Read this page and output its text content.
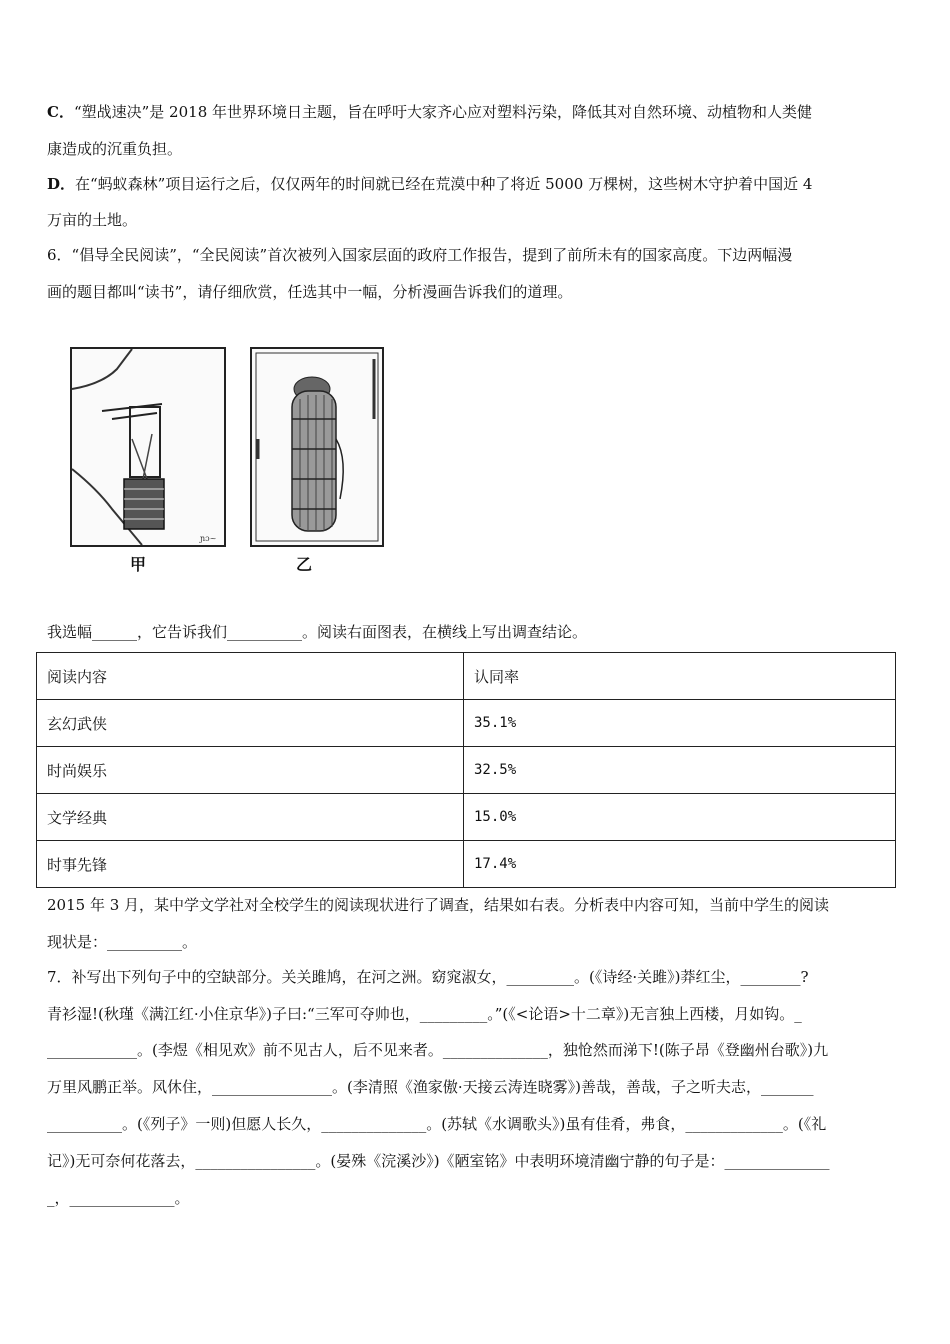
C．“塑战速决”是 2018 年世界环境日主题，旨在呼吁大家齐心应对塑料污染，降低其对自然环境、动植物和人类健
康造成的沉重负担。
D．在“蚂蚁森林”项目运行之后，仅仅两年的时间就已经在荒漠中种了将近 5000 万棵树，这些树木守护着中国近 4
万亩的土地。
6．“倡导全民阅读”，“全民阅读”首次被列入国家层面的政府工作报告，提到了前所未有的国家高度。下边两幅漫
画的题目都叫“读书”，请仔细欣赏，任选其中一幅，分析漫画告诉我们的道理。
ɲɔ~
甲	乙
我选幅______，它告诉我们__________。阅读右面图表，在横线上写出调查结论。
阅读内容	认同率
玄幻武侠	35.1%
时尚娱乐	32.5%
文学经典	15.0%
时事先锋	17.4%
2015 年 3 月，某中学文学社对全校学生的阅读现状进行了调查，结果如右表。分析表中内容可知，当前中学生的阅读
现状是：__________。
7．补写出下列句子中的空缺部分。关关雎鸠，在河之洲。窈窕淑女，_________。(《诗经·关雎》)莽红尘，________?
青衫湿!(秋瑾《满江红·小住京华》)子曰:“三军可夺帅也，_________。”(《<论语>十二章》)无言独上西楼，月如钩。_
____________。(李煜《相见欢》前不见古人，后不见来者。______________，独怆然而涕下!(陈子昂《登幽州台歌》)九
万里风鹏正举。风休住，________________。(李清照《渔家傲·天接云涛连晓雾》)善哉，善哉，子之听夫志，_______
__________。(《列子》一则)但愿人长久，______________。(苏轼《水调歌头》)虽有佳肴，弗食，_____________。(《礼
记》)无可奈何花落去，________________。(晏殊《浣溪沙》)《陋室铭》中表明环境清幽宁静的句子是：______________
_，______________。
